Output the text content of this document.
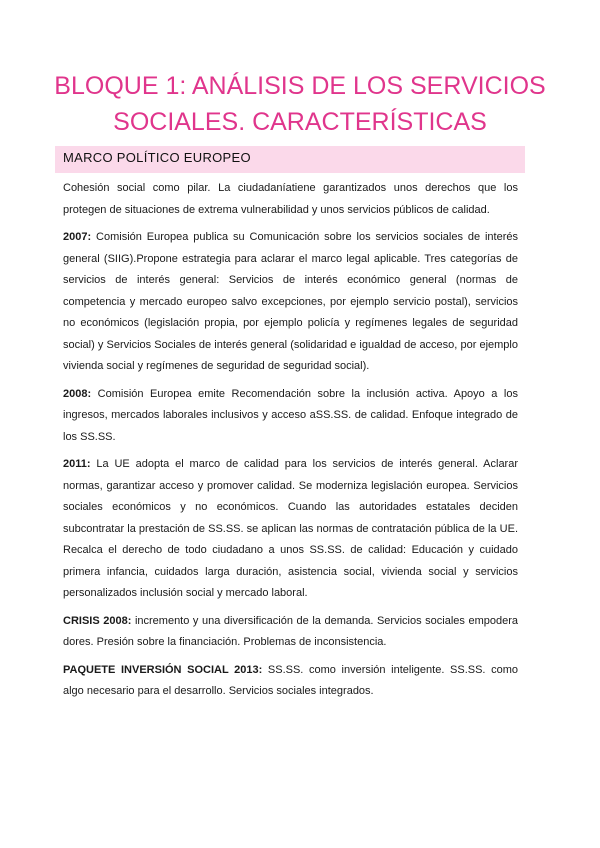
BLOQUE 1: ANÁLISIS DE LOS SERVICIOS
SOCIALES. CARACTERÍSTICAS
MARCO POLÍTICO EUROPEO

Cohesión social como pilar. La ciudadaníatiene garantizados unos derechos que los protegen de situaciones de extrema vulnerabilidad y unos servicios públicos de calidad.

2007: Comisión Europea publica su Comunicación sobre los servicios sociales de interés general (SIIG).Propone estrategia para aclarar el marco legal aplicable. Tres categorías de servicios de interés general: Servicios de interés económico general (normas de competencia y mercado europeo salvo excepciones, por ejemplo servicio postal), servicios no económicos (legislación propia, por ejemplo policía y regímenes legales de seguridad social) y Servicios Sociales de interés general (solidaridad e igualdad de acceso, por ejemplo vivienda social y regímenes de seguridad de seguridad social).

2008: Comisión Europea emite Recomendación sobre la inclusión activa. Apoyo a los ingresos, mercados laborales inclusivos y acceso aSS.SS. de calidad. Enfoque integrado de los SS.SS.

2011: La UE adopta el marco de calidad para los servicios de interés general. Aclarar normas, garantizar acceso y promover calidad. Se moderniza legislación europea. Servicios sociales económicos y no económicos. Cuando las autoridades estatales deciden subcontratar la prestación de SS.SS. se aplican las normas de contratación pública de la UE. Recalca el derecho de todo ciudadano a unos SS.SS. de calidad: Educación y cuidado primera infancia, cuidados larga duración, asistencia social, vivienda social y servicios personalizados inclusión social y mercado laboral.

CRISIS 2008: incremento y una diversificación de la demanda. Servicios sociales empodera dores. Presión sobre la financiación. Problemas de inconsistencia.

PAQUETE INVERSIÓN SOCIAL 2013: SS.SS. como inversión inteligente. SS.SS. como algo necesario para el desarrollo. Servicios sociales integrados.
